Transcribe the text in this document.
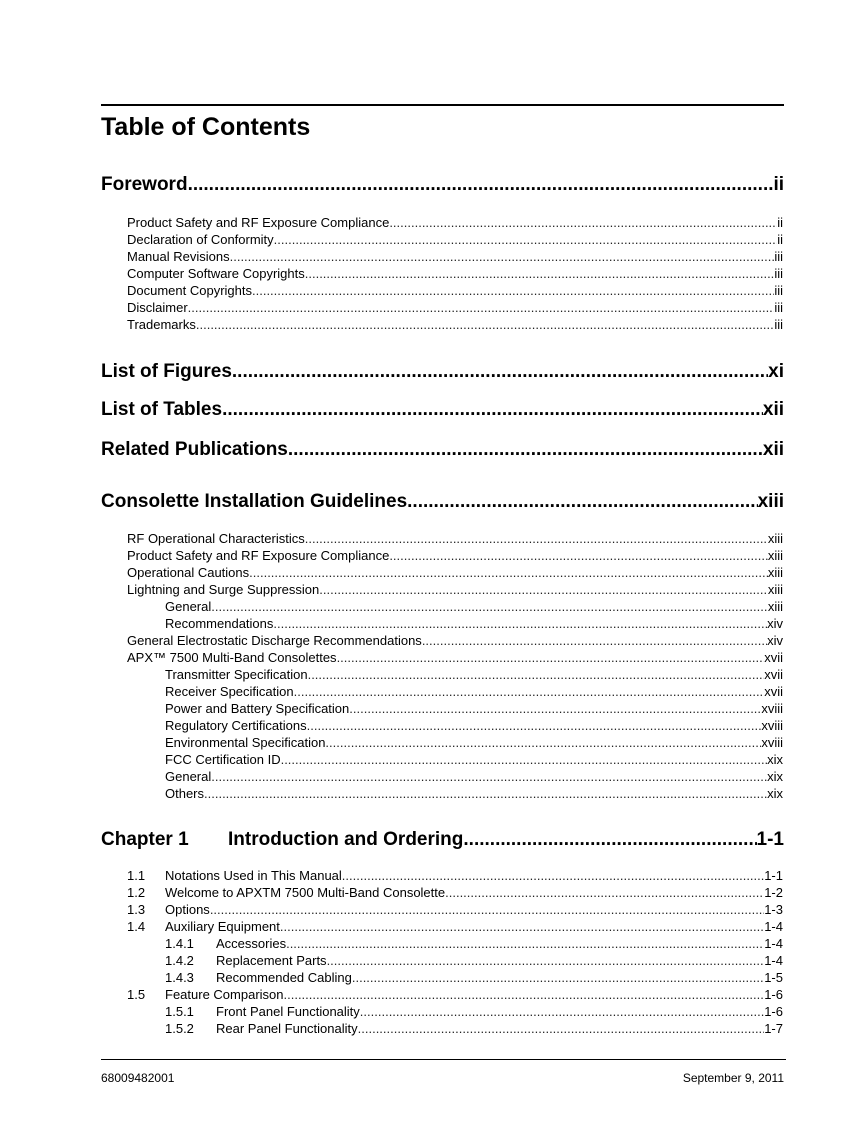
Table of Contents
Foreword .....	ii
Product Safety and RF Exposure Compliance .....	ii
Declaration of Conformity .....	ii
Manual Revisions .....	iii
Computer Software Copyrights .....	iii
Document Copyrights .....	iii
Disclaimer .....	iii
Trademarks .....	iii
List of Figures .....	xi
List of Tables .....	xii
Related Publications .....	xii
Consolette Installation Guidelines .....	xiii
RF Operational Characteristics .....	xiii
Product Safety and RF Exposure Compliance .....	xiii
Operational Cautions .....	xiii
Lightning and Surge Suppression .....	xiii
General .....	xiii
Recommendations .....	xiv
General Electrostatic Discharge Recommendations .....	xiv
APX™ 7500 Multi-Band Consolettes .....	xvii
Transmitter Specification .....	xvii
Receiver Specification .....	xvii
Power and Battery Specification .....	xviii
Regulatory Certifications .....	xviii
Environmental Specification .....	xviii
FCC Certification ID .....	xix
General .....	xix
Others .....	xix
Chapter 1 Introduction and Ordering .....	1-1
1.1 Notations Used in This Manual .....	1-1
1.2 Welcome to APXTM 7500 Multi-Band Consolette .....	1-2
1.3 Options .....	1-3
1.4 Auxiliary Equipment .....	1-4
1.4.1 Accessories .....	1-4
1.4.2 Replacement Parts .....	1-4
1.4.3 Recommended Cabling .....	1-5
1.5 Feature Comparison .....	1-6
1.5.1 Front Panel Functionality .....	1-6
1.5.2 Rear Panel Functionality .....	1-7
68009482001	September 9, 2011
